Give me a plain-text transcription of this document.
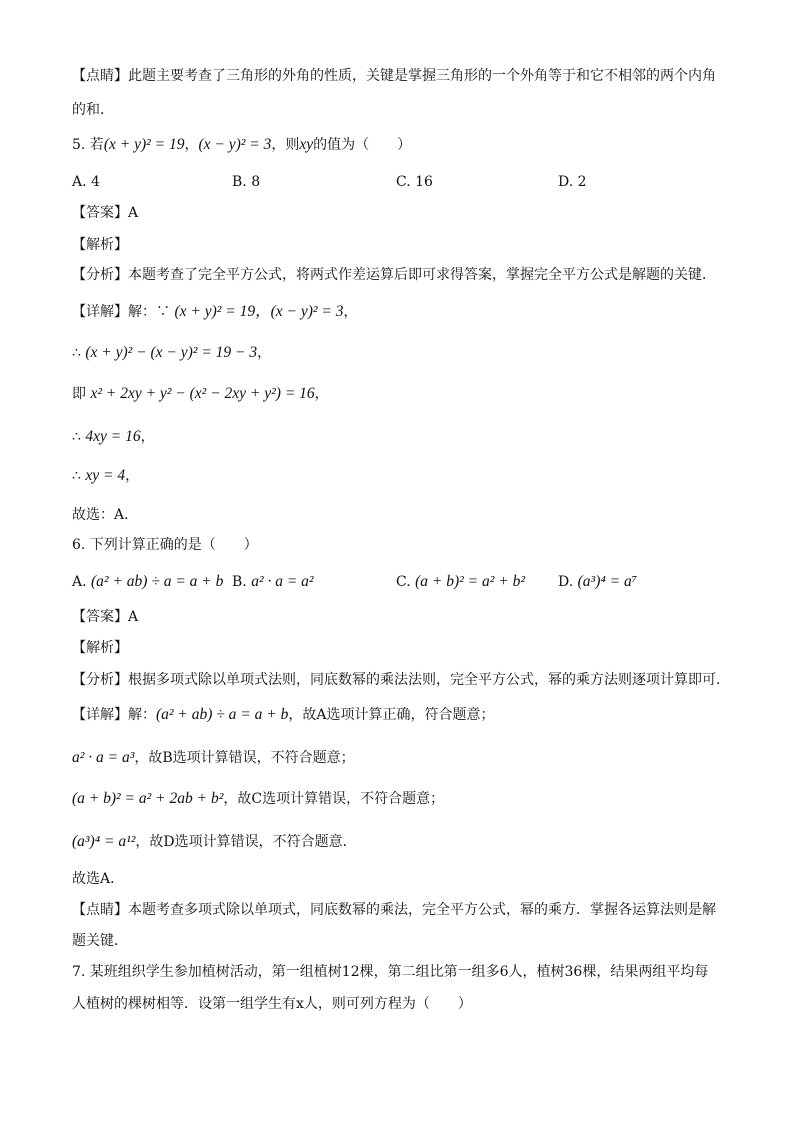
【点睛】此题主要考查了三角形的外角的性质，关键是掌握三角形的一个外角等于和它不相邻的两个内角
的和．
5. 若(x + y)² = 19，(x − y)² = 3，则xy的值为（　　）
A. 4	B. 8	C. 16	D. 2
【答案】A
【解析】
【分析】本题考查了完全平方公式，将两式作差运算后即可求得答案，掌握完全平方公式是解题的关键．
【详解】解：∵ (x + y)² = 19，(x − y)² = 3，
∴ (x + y)² − (x − y)² = 19 − 3，
即 x² + 2xy + y² − (x² − 2xy + y²) = 16，
∴ 4xy = 16，
∴ xy = 4，
故选：A．
6. 下列计算正确的是（　　）
A. (a² + ab) ÷ a = a + b B. a² · a = a²	C. (a + b)² = a² + b² D. (a³)⁴ = a⁷
【答案】A
【解析】
【分析】根据多项式除以单项式法则，同底数幂的乘法法则，完全平方公式，幂的乘方法则逐项计算即可．
【详解】解：(a² + ab) ÷ a = a + b，故A选项计算正确，符合题意；
a² · a = a³，故B选项计算错误，不符合题意；
(a + b)² = a² + 2ab + b²，故C选项计算错误，不符合题意；
(a³)⁴ = a¹²，故D选项计算错误，不符合题意．
故选A．
【点睛】本题考查多项式除以单项式，同底数幂的乘法，完全平方公式，幂的乘方．掌握各运算法则是解
题关键．
7. 某班组织学生参加植树活动，第一组植树12棵，第二组比第一组多6人，植树36棵，结果两组平均每
人植树的棵树相等．设第一组学生有x人，则可列方程为（　　）
